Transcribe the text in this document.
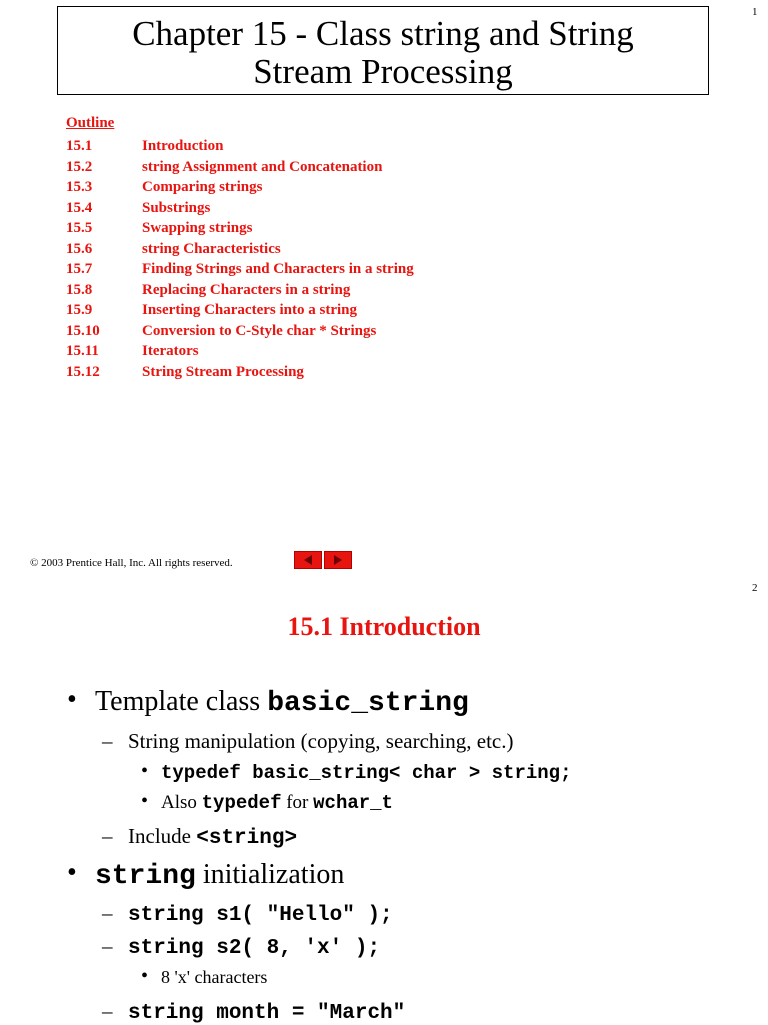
1
Chapter 15 - Class string and String
Stream Processing
Outline
15.1	Introduction
15.2	string Assignment and Concatenation
15.3	Comparing strings
15.4	Substrings
15.5	Swapping strings
15.6	string Characteristics
15.7	Finding Strings and Characters in a string
15.8	Replacing Characters in a string
15.9	Inserting Characters into a string
15.10	Conversion to C-Style char * Strings
15.11	Iterators
15.12	String Stream Processing
© 2003 Prentice Hall, Inc. All rights reserved.
2
15.1 Introduction
• Template class basic_string
– String manipulation (copying, searching, etc.)
• typedef basic_string< char > string;
• Also typedef for wchar_t
– Include <string>
• string initialization
– string s1( "Hello" );
– string s2( 8, 'x' );
• 8 'x' characters
– string month = "March"
